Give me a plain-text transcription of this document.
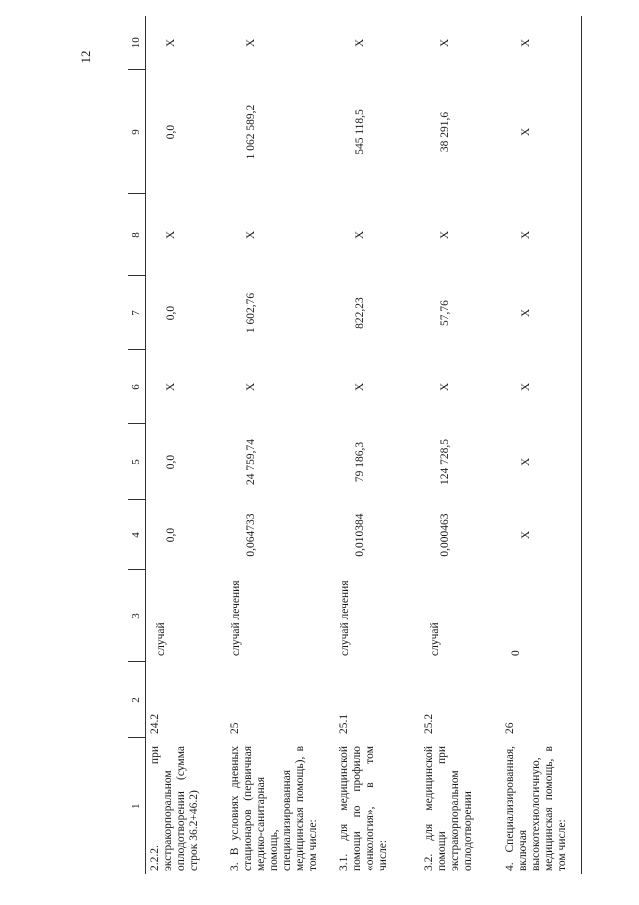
12
1	2	3	4	5	6	7	8	9	10
2.2.2. при экстракорпоральном оплодотворении (сумма строк 36.2+46.2)	24.2	случай	0,0	0,0	Х	0,0	Х	0,0	Х
3. В условиях дневных стационаров (первичная медико-санитарная помощь, специализированная медицинская помощь), в том числе:	25	случай лечения	0,064733	24 759,74	Х	1 602,76	Х	1 062 589,2	Х
3.1. для медицинской помощи по профилю «онкология», в том числе:	25.1	случай лечения	0,010384	79 186,3	Х	822,23	Х	545 118,5	Х
3.2. для медицинской помощи при экстракорпоральном оплодотворении	25.2	случай	0,000463	124 728,5	Х	57,76	Х	38 291,6	Х
4. Специализированная, включая высокотехнологичную, медицинская помощь, в том числе:	26	0	Х	Х	Х	Х	Х	Х	Х
